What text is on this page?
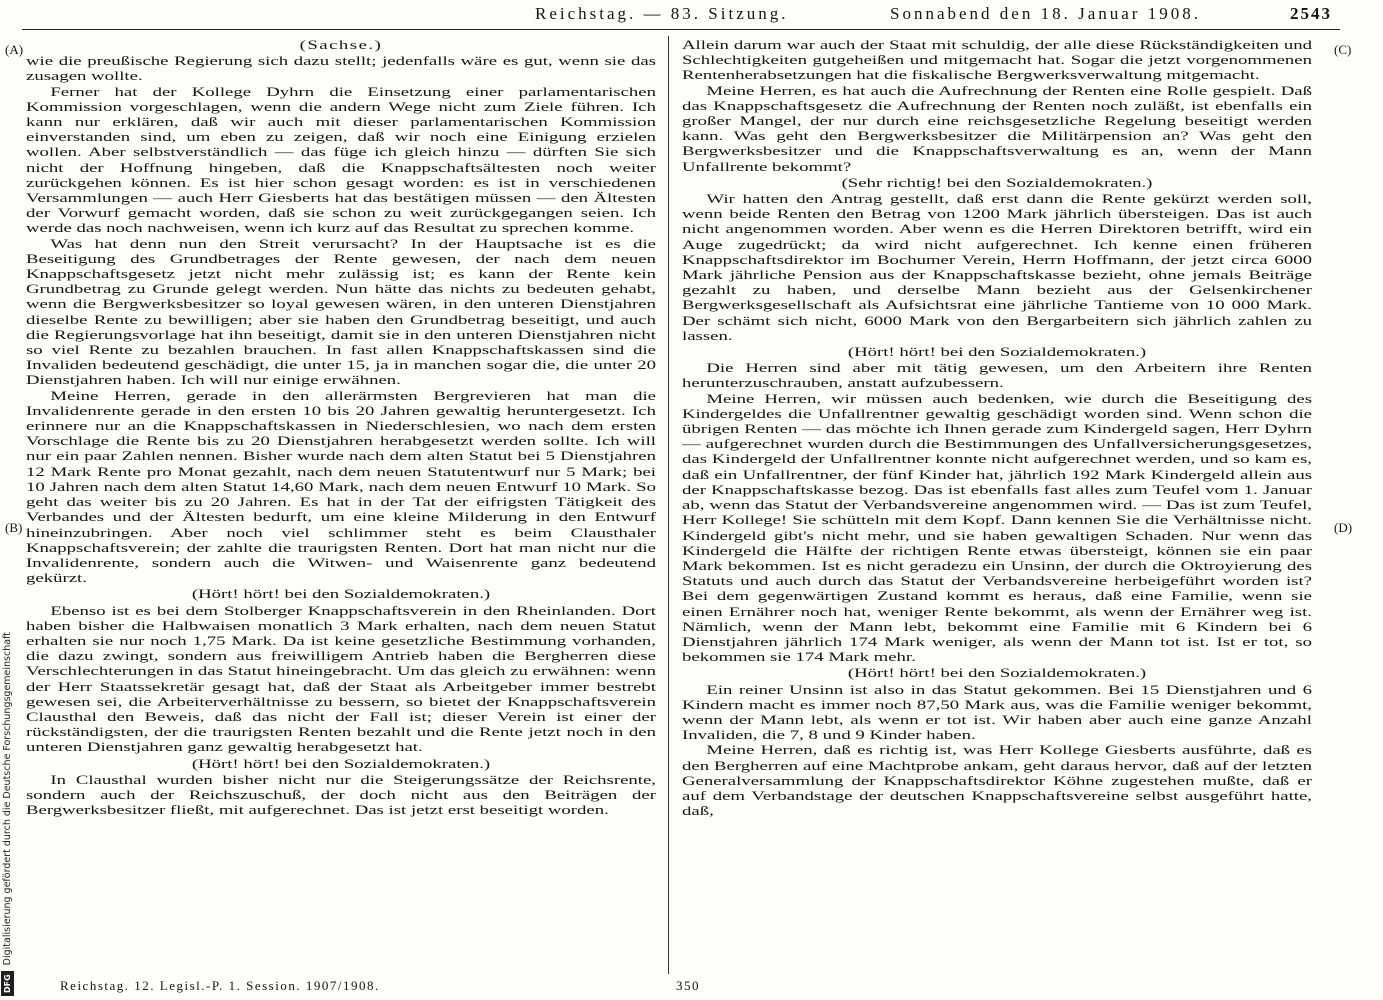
Reichstag. — 83. Sitzung.	Sonnabend den 18. Januar 1908.	2543
(A)
(B)
(C)
(D)
(Sachse.)

wie die preußische Regierung sich dazu stellt; jedenfalls wäre es gut, wenn sie das zusagen wollte.

Ferner hat der Kollege Dyhrn die Einsetzung einer parlamentarischen Kommission vorgeschlagen, wenn die andern Wege nicht zum Ziele führen. Ich kann nur erklären, daß wir auch mit dieser parlamentarischen Kommission einverstanden sind, um eben zu zeigen, daß wir noch eine Einigung erzielen wollen. Aber selbstverständlich — das füge ich gleich hinzu — dürften Sie sich nicht der Hoffnung hingeben, daß die Knappschaftsältesten noch weiter zurückgehen können. Es ist hier schon gesagt worden: es ist in verschiedenen Versammlungen — auch Herr Giesberts hat das bestätigen müssen — den Ältesten der Vorwurf gemacht worden, daß sie schon zu weit zurückgegangen seien. Ich werde das noch nachweisen, wenn ich kurz auf das Resultat zu sprechen komme.

Was hat denn nun den Streit verursacht? In der Hauptsache ist es die Beseitigung des Grundbetrages der Rente gewesen, der nach dem neuen Knappschaftsgesetz jetzt nicht mehr zulässig ist; es kann der Rente kein Grundbetrag zu Grunde gelegt werden. Nun hätte das nichts zu bedeuten gehabt, wenn die Bergwerksbesitzer so loyal gewesen wären, in den unteren Dienstjahren dieselbe Rente zu bewilligen; aber sie haben den Grundbetrag beseitigt, und auch die Regierungsvorlage hat ihn beseitigt, damit sie in den unteren Dienstjahren nicht so viel Rente zu bezahlen brauchen. In fast allen Knappschaftskassen sind die Invaliden bedeutend geschädigt, die unter 15, ja in manchen sogar die, die unter 20 Dienstjahren haben. Ich will nur einige erwähnen.

Meine Herren, gerade in den allerärmsten Bergrevieren hat man die Invalidenrente gerade in den ersten 10 bis 20 Jahren gewaltig heruntergesetzt. Ich erinnere nur an die Knappschaftskassen in Niederschlesien, wo nach dem ersten Vorschlage die Rente bis zu 20 Dienstjahren herabgesetzt werden sollte. Ich will nur ein paar Zahlen nennen. Bisher wurde nach dem alten Statut bei 5 Dienstjahren 12 Mark Rente pro Monat gezahlt, nach dem neuen Statutentwurf nur 5 Mark; bei 10 Jahren nach dem alten Statut 14,60 Mark, nach dem neuen Entwurf 10 Mark. So geht das weiter bis zu 20 Jahren. Es hat in der Tat der eifrigsten Tätigkeit des Verbandes und der Ältesten bedurft, um eine kleine Milderung in den Entwurf hineinzubringen. Aber noch viel schlimmer steht es beim Clausthaler Knappschaftsverein; der zahlte die traurigsten Renten. Dort hat man nicht nur die Invalidenrente, sondern auch die Witwen- und Waisenrente ganz bedeutend gekürzt.

(Hört! hört! bei den Sozialdemokraten.)

Ebenso ist es bei dem Stolberger Knappschaftsverein in den Rheinlanden. Dort haben bisher die Halbwaisen monatlich 3 Mark erhalten, nach dem neuen Statut erhalten sie nur noch 1,75 Mark. Da ist keine gesetzliche Bestimmung vorhanden, die dazu zwingt, sondern aus freiwilligem Antrieb haben die Bergherren diese Verschlechterungen in das Statut hineingebracht. Um das gleich zu erwähnen: wenn der Herr Staatssekretär gesagt hat, daß der Staat als Arbeitgeber immer bestrebt gewesen sei, die Arbeiterverhältnisse zu bessern, so bietet der Knappschaftsverein Clausthal den Beweis, daß das nicht der Fall ist; dieser Verein ist einer der rückständigsten, der die traurigsten Renten bezahlt und die Rente jetzt noch in den unteren Dienstjahren ganz gewaltig herabgesetzt hat.

(Hört! hört! bei den Sozialdemokraten.)

In Clausthal wurden bisher nicht nur die Steigerungssätze der Reichsrente, sondern auch der Reichszuschuß, der doch nicht aus den Beiträgen der Bergwerksbesitzer fließt, mit aufgerechnet. Das ist jetzt erst beseitigt worden.

Allein darum war auch der Staat mit schuldig, der alle diese Rückständigkeiten und Schlechtigkeiten gutgeheißen und mitgemacht hat. Sogar die jetzt vorgenommenen Rentenherabsetzungen hat die fiskalische Bergwerksverwaltung mitgemacht.

Meine Herren, es hat auch die Aufrechnung der Renten eine Rolle gespielt. Daß das Knappschaftsgesetz die Aufrechnung der Renten noch zuläßt, ist ebenfalls ein großer Mangel, der nur durch eine reichsgesetzliche Regelung beseitigt werden kann. Was geht den Bergwerksbesitzer die Militärpension an? Was geht den Bergwerksbesitzer und die Knappschaftsverwaltung es an, wenn der Mann Unfallrente bekommt?

(Sehr richtig! bei den Sozialdemokraten.)

Wir hatten den Antrag gestellt, daß erst dann die Rente gekürzt werden soll, wenn beide Renten den Betrag von 1200 Mark jährlich übersteigen. Das ist auch nicht angenommen worden. Aber wenn es die Herren Direktoren betrifft, wird ein Auge zugedrückt; da wird nicht aufgerechnet. Ich kenne einen früheren Knappschaftsdirektor im Bochumer Verein, Herrn Hoffmann, der jetzt circa 6000 Mark jährliche Pension aus der Knappschaftskasse bezieht, ohne jemals Beiträge gezahlt zu haben, und derselbe Mann bezieht aus der Gelsenkirchener Bergwerksgesellschaft als Aufsichtsrat eine jährliche Tantieme von 10 000 Mark. Der schämt sich nicht, 6000 Mark von den Bergarbeitern sich jährlich zahlen zu lassen.

(Hört! hört! bei den Sozialdemokraten.)

Die Herren sind aber mit tätig gewesen, um den Arbeitern ihre Renten herunterzuschrauben, anstatt aufzubessern.

Meine Herren, wir müssen auch bedenken, wie durch die Beseitigung des Kindergeldes die Unfallrentner gewaltig geschädigt worden sind. Wenn schon die übrigen Renten — das möchte ich Ihnen gerade zum Kindergeld sagen, Herr Dyhrn — aufgerechnet wurden durch die Bestimmungen des Unfallversicherungsgesetzes, das Kindergeld der Unfallrentner konnte nicht aufgerechnet werden, und so kam es, daß ein Unfallrentner, der fünf Kinder hat, jährlich 192 Mark Kindergeld allein aus der Knappschaftskasse bezog. Das ist ebenfalls fast alles zum Teufel vom 1. Januar ab, wenn das Statut der Verbandsvereine angenommen wird. — Das ist zum Teufel, Herr Kollege! Sie schütteln mit dem Kopf. Dann kennen Sie die Verhältnisse nicht. Kindergeld gibt's nicht mehr, und sie haben gewaltigen Schaden. Nur wenn das Kindergeld die Hälfte der richtigen Rente etwas übersteigt, können sie ein paar Mark bekommen. Ist es nicht geradezu ein Unsinn, der durch die Oktroyierung des Statuts und auch durch das Statut der Verbandsvereine herbeigeführt worden ist? Bei dem gegenwärtigen Zustand kommt es heraus, daß eine Familie, wenn sie einen Ernährer noch hat, weniger Rente bekommt, als wenn der Ernährer weg ist. Nämlich, wenn der Mann lebt, bekommt eine Familie mit 6 Kindern bei 6 Dienstjahren jährlich 174 Mark weniger, als wenn der Mann tot ist. Ist er tot, so bekommen sie 174 Mark mehr.

(Hört! hört! bei den Sozialdemokraten.)

Ein reiner Unsinn ist also in das Statut gekommen. Bei 15 Dienstjahren und 6 Kindern macht es immer noch 87,50 Mark aus, was die Familie weniger bekommt, wenn der Mann lebt, als wenn er tot ist. Wir haben aber auch eine ganze Anzahl Invaliden, die 7, 8 und 9 Kinder haben.

Meine Herren, daß es richtig ist, was Herr Kollege Giesberts ausführte, daß es den Bergherren auf eine Machtprobe ankam, geht daraus hervor, daß auf der letzten Generalversammlung der Knappschaftsdirektor Köhne zugestehen mußte, daß er auf dem Verbandstage der deutschen Knappschaftsvereine selbst ausgeführt hatte, daß,

Reichstag. 12. Legisl.-P. 1. Session. 1907/1908.	350
DFG
Digitalisierung gefördert durch die Deutsche Forschungsgemeinschaft
